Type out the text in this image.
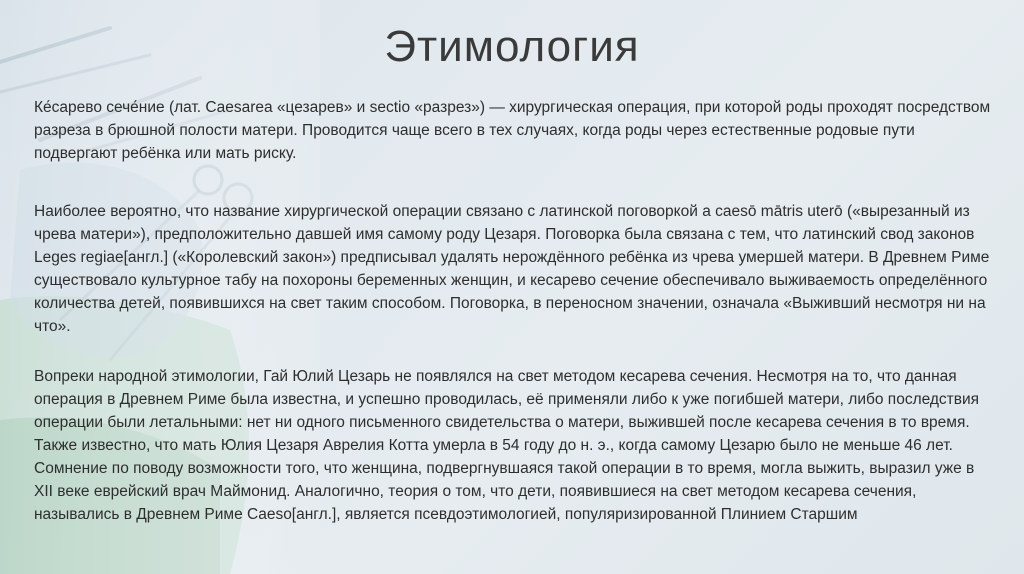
Этимология

Ке́сарево сече́ние (лат. Caesarea «цезарев» и sectio «разрез») — хирургическая операция, при которой роды проходят посредством разреза в брюшной полости матери. Проводится чаще всего в тех случаях, когда роды через естественные родовые пути подвергают ребёнка или мать риску.

Наиболее вероятно, что название хирургической операции связано с латинской поговоркой a caesō mātris uterō («вырезанный из чрева матери»), предположительно давшей имя самому роду Цезаря. Поговорка была связана с тем, что латинский свод законов Leges regiae[англ.] («Королевский закон») предписывал удалять нерождённого ребёнка из чрева умершей матери. В Древнем Риме существовало культурное табу на похороны беременных женщин, и кесарево сечение обеспечивало выживаемость определённого количества детей, появившихся на свет таким способом. Поговорка, в переносном значении, означала «Выживший несмотря ни на что».

Вопреки народной этимологии, Гай Юлий Цезарь не появлялся на свет методом кесарева сечения. Несмотря на то, что данная операция в Древнем Риме была известна, и успешно проводилась, её применяли либо к уже погибшей матери, либо последствия операции были летальными: нет ни одного письменного свидетельства о матери, выжившей после кесарева сечения в то время. Также известно, что мать Юлия Цезаря Аврелия Котта умерла в 54 году до н. э., когда самому Цезарю было не меньше 46 лет. Сомнение по поводу возможности того, что женщина, подвергнувшаяся такой операции в то время, могла выжить, выразил уже в XII веке еврейский врач Маймонид. Аналогично, теория о том, что дети, появившиеся на свет методом кесарева сечения, назывались в Древнем Риме Caeso[англ.], является псевдоэтимологией, популяризированной Плинием Старшим
